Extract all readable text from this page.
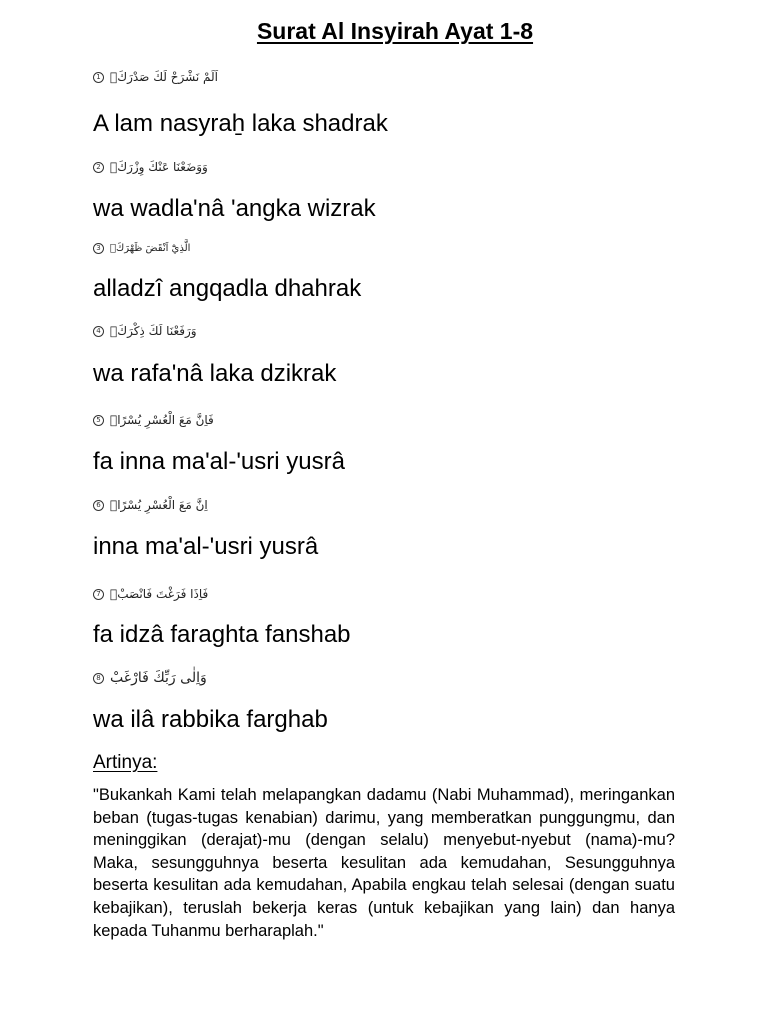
Surat Al Insyirah Ayat 1-8
1 اَلَمْ نَشْرَحْ لَكَ صَدْرَكَۙ

A lam nasyraẖ laka shadrak

2 وَوَضَعْنَا عَنْكَ وِزْرَكَۙ

wa wadla'nâ 'angka wizrak

3 الَّذِيْٓ اَنْقَضَ ظَهْرَكَۙ

alladzî angqadla dhahrak

4 وَرَفَعْنَا لَكَ ذِكْرَكَۗ

wa rafa'nâ laka dzikrak

5 فَاِنَّ مَعَ الْعُسْرِ يُسْرًاۙ

fa inna ma'al-'usri yusrâ

6 اِنَّ مَعَ الْعُسْرِ يُسْرًاۗ

inna ma'al-'usri yusrâ

7 فَاِذَا فَرَغْتَ فَانْصَبْۙ

fa idzâ faraghta fanshab

8 وَاِلٰى رَبِّكَ فَارْغَبْ

wa ilâ rabbika farghab

Artinya:

"Bukankah Kami telah melapangkan dadamu (Nabi Muhammad), meringankan beban (tugas-tugas kenabian) darimu, yang memberatkan punggungmu, dan meninggikan (derajat)-mu (dengan selalu) menyebut-nyebut (nama)-mu? Maka, sesungguhnya beserta kesulitan ada kemudahan, Sesungguhnya beserta kesulitan ada kemudahan, Apabila engkau telah selesai (dengan suatu kebajikan), teruslah bekerja keras (untuk kebajikan yang lain) dan hanya kepada Tuhanmu berharaplah."
